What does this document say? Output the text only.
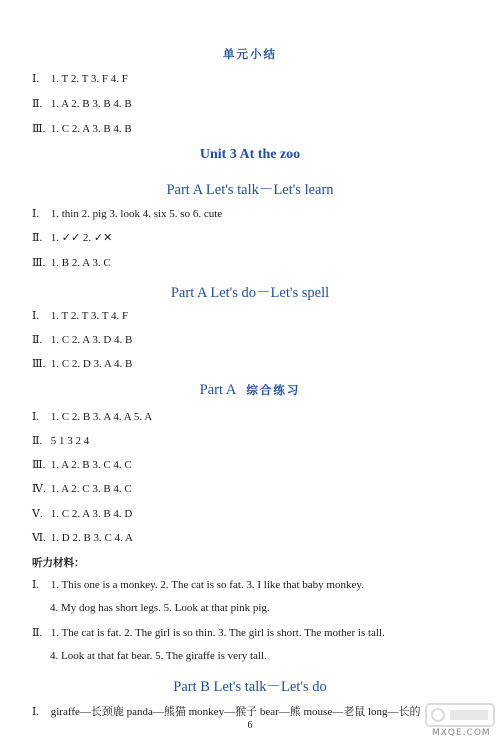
单元小结
Ⅰ. 1. T 2. T 3. F 4. F
Ⅱ. 1. A 2. B 3. B 4. B
Ⅲ. 1. C 2. A 3. B 4. B
Unit 3 At the zoo
Part A Let's talk－Let's learn
Ⅰ. 1. thin 2. pig 3. look 4. six 5. so 6. cute
Ⅱ. 1. ✓✓ 2. ✓✕
Ⅲ. 1. B 2. A 3. C
Part A Let's do－Let's spell
Ⅰ. 1. T 2. T 3. T 4. F
Ⅱ. 1. C 2. A 3. D 4. B
Ⅲ. 1. C 2. D 3. A 4. B
Part A 综合练习
Ⅰ. 1. C 2. B 3. A 4. A 5. A
Ⅱ. 5 1 3 2 4
Ⅲ. 1. A 2. B 3. C 4. C
Ⅳ. 1. A 2. C 3. B 4. C
Ⅴ. 1. C 2. A 3. B 4. D
Ⅵ. 1. D 2. B 3. C 4. A
听力材料：
Ⅰ. 1. This one is a monkey. 2. The cat is so fat. 3. I like that baby monkey.
4. My dog has short legs. 5. Look at that pink pig.
Ⅱ. 1. The cat is fat. 2. The girl is so thin. 3. The girl is short. The mother is tall.
4. Look at that fat bear. 5. The giraffe is very tall.
Part B Let's talk－Let's do
Ⅰ. giraffe—长颈鹿 panda—熊猫 monkey—猴子 bear—熊 mouse—老鼠 long—长的
6
MXQE.COM
